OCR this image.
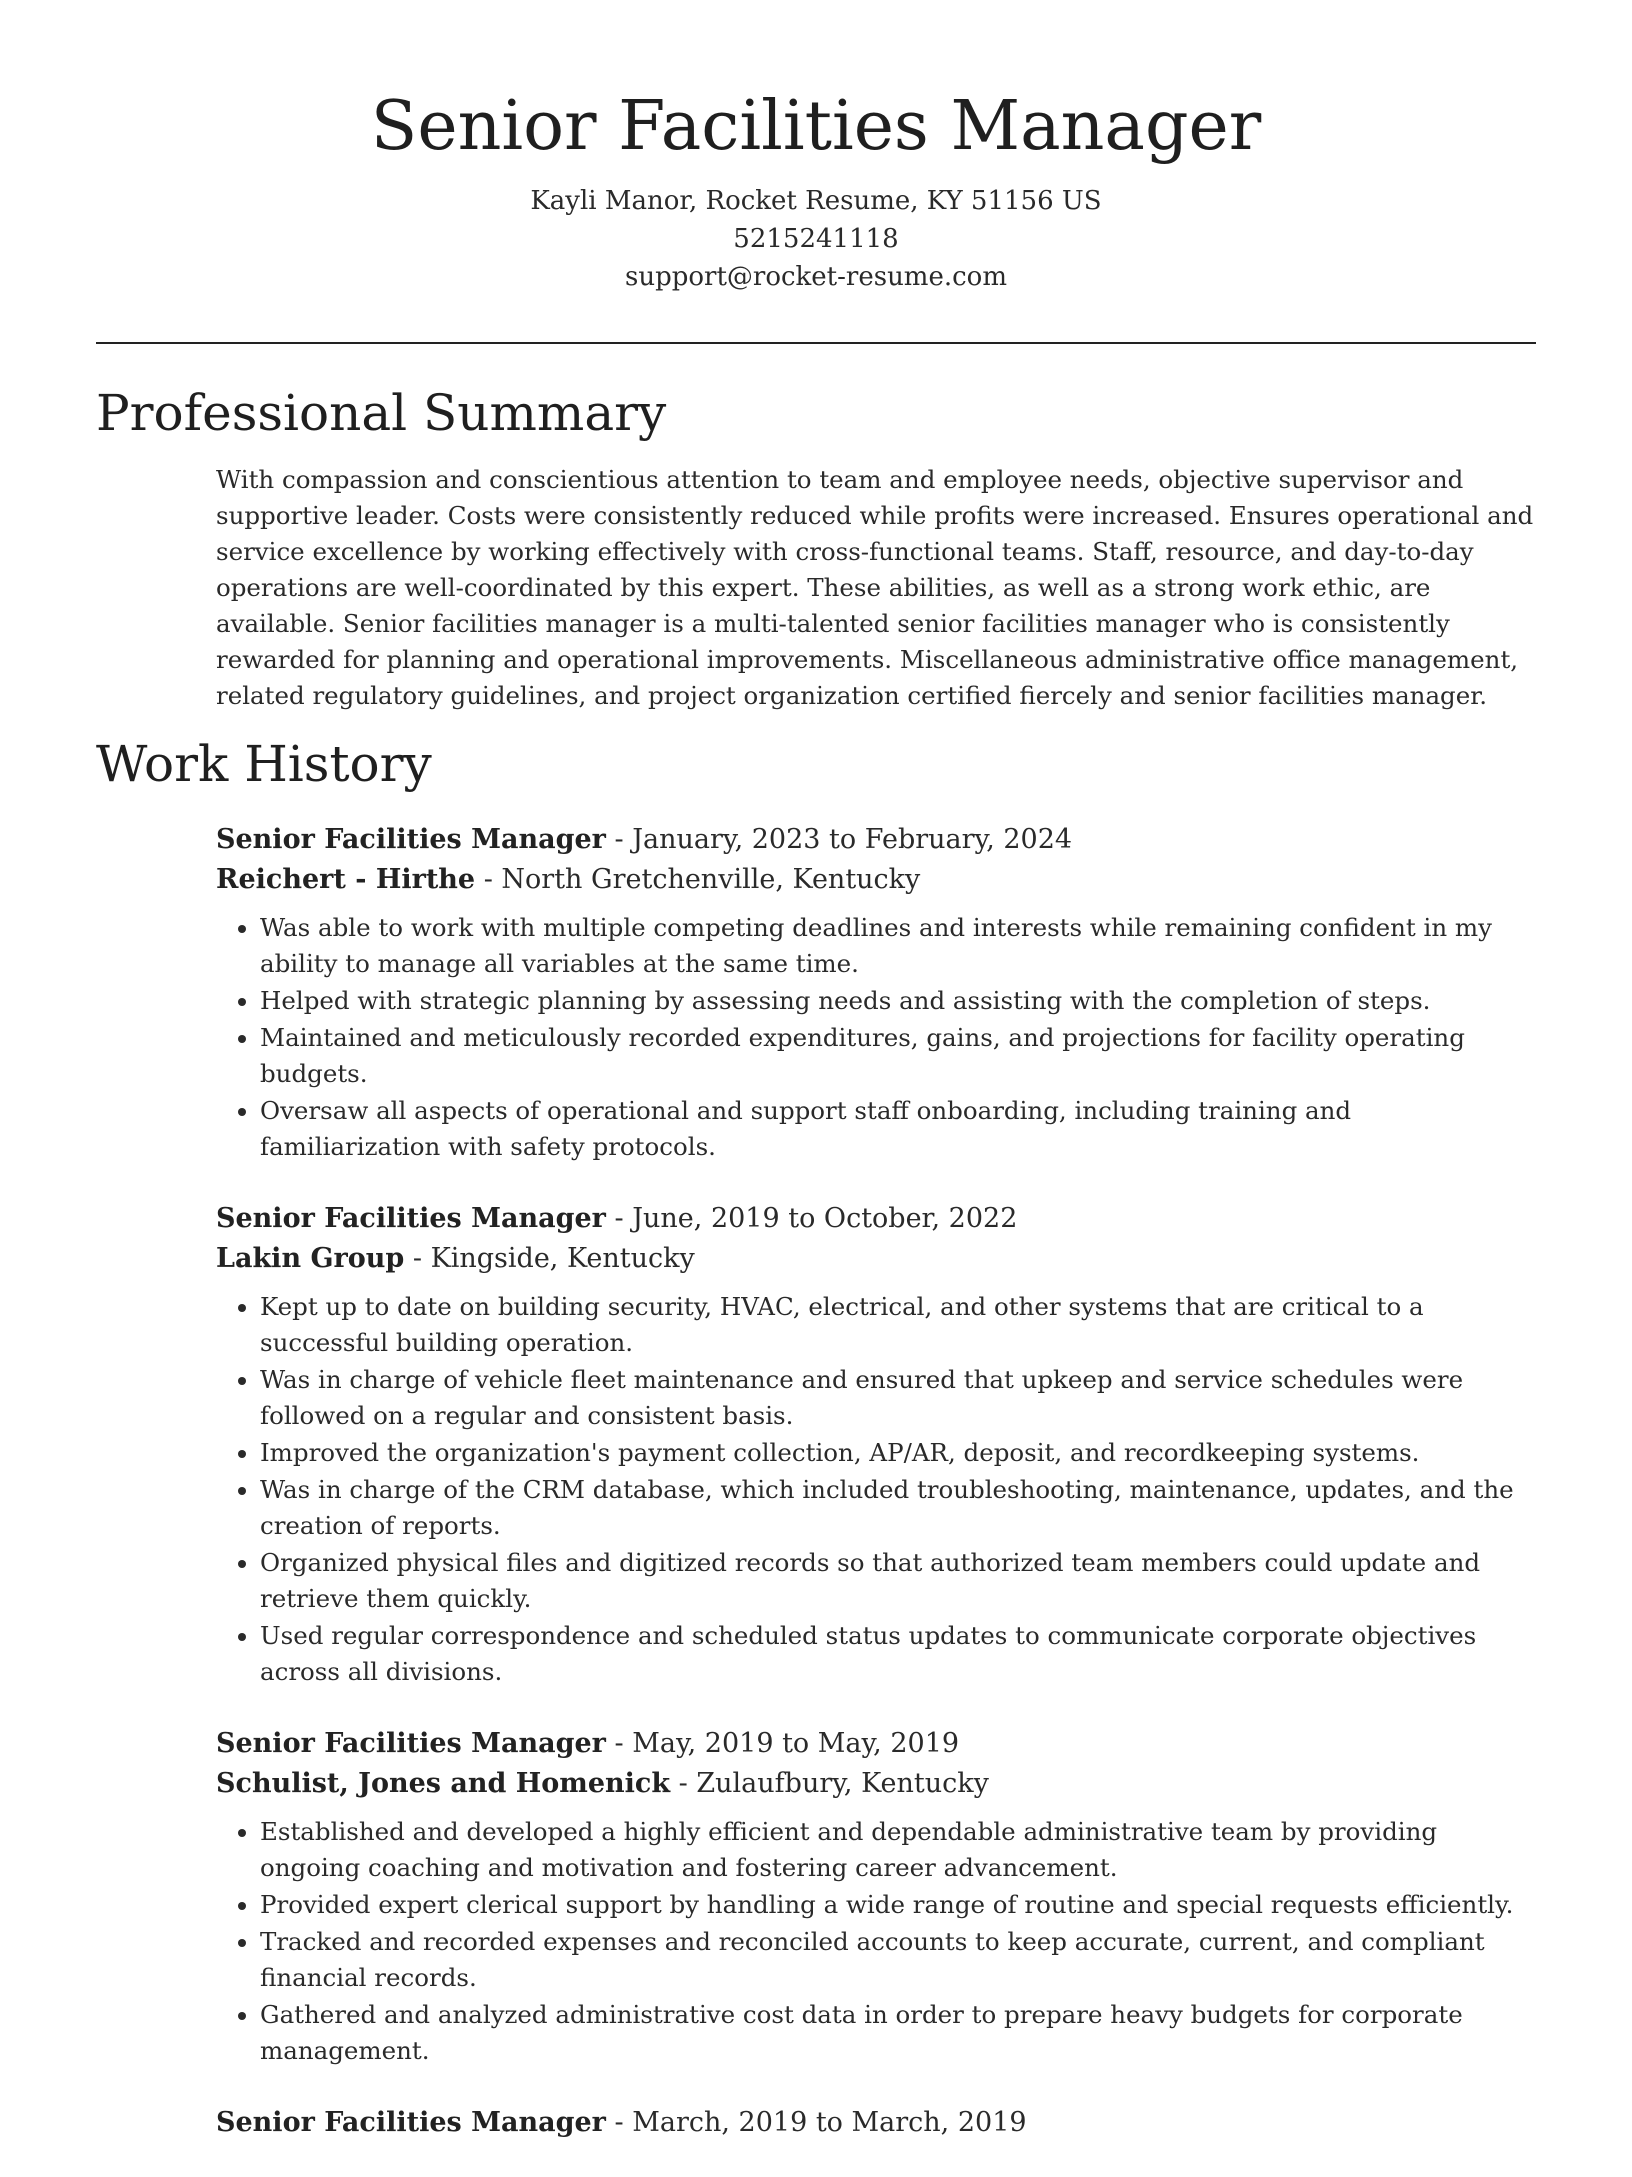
Senior Facilities Manager
Kayli Manor, Rocket Resume, KY 51156 US
5215241118
support@rocket-resume.com
Professional Summary

With compassion and conscientious attention to team and employee needs, objective supervisor and supportive leader. Costs were consistently reduced while profits were increased. Ensures operational and service excellence by working effectively with cross-functional teams. Staff, resource, and day-to-day operations are well-coordinated by this expert. These abilities, as well as a strong work ethic, are available. Senior facilities manager is a multi-talented senior facilities manager who is consistently rewarded for planning and operational improvements. Miscellaneous administrative office management, related regulatory guidelines, and project organization certified fiercely and senior facilities manager.

Work History
Senior Facilities Manager - January, 2023 to February, 2024
Reichert - Hirthe - North Gretchenville, Kentucky
• Was able to work with multiple competing deadlines and interests while remaining confident in my ability to manage all variables at the same time.
• Helped with strategic planning by assessing needs and assisting with the completion of steps.
• Maintained and meticulously recorded expenditures, gains, and projections for facility operating budgets.
• Oversaw all aspects of operational and support staff onboarding, including training and familiarization with safety protocols.
Senior Facilities Manager - June, 2019 to October, 2022
Lakin Group - Kingside, Kentucky
• Kept up to date on building security, HVAC, electrical, and other systems that are critical to a successful building operation.
• Was in charge of vehicle fleet maintenance and ensured that upkeep and service schedules were followed on a regular and consistent basis.
• Improved the organization's payment collection, AP/AR, deposit, and recordkeeping systems.
• Was in charge of the CRM database, which included troubleshooting, maintenance, updates, and the creation of reports.
• Organized physical files and digitized records so that authorized team members could update and retrieve them quickly.
• Used regular correspondence and scheduled status updates to communicate corporate objectives across all divisions.
Senior Facilities Manager - May, 2019 to May, 2019
Schulist, Jones and Homenick - Zulaufbury, Kentucky
• Established and developed a highly efficient and dependable administrative team by providing ongoing coaching and motivation and fostering career advancement.
• Provided expert clerical support by handling a wide range of routine and special requests efficiently.
• Tracked and recorded expenses and reconciled accounts to keep accurate, current, and compliant financial records.
• Gathered and analyzed administrative cost data in order to prepare heavy budgets for corporate management.
Senior Facilities Manager - March, 2019 to March, 2019
